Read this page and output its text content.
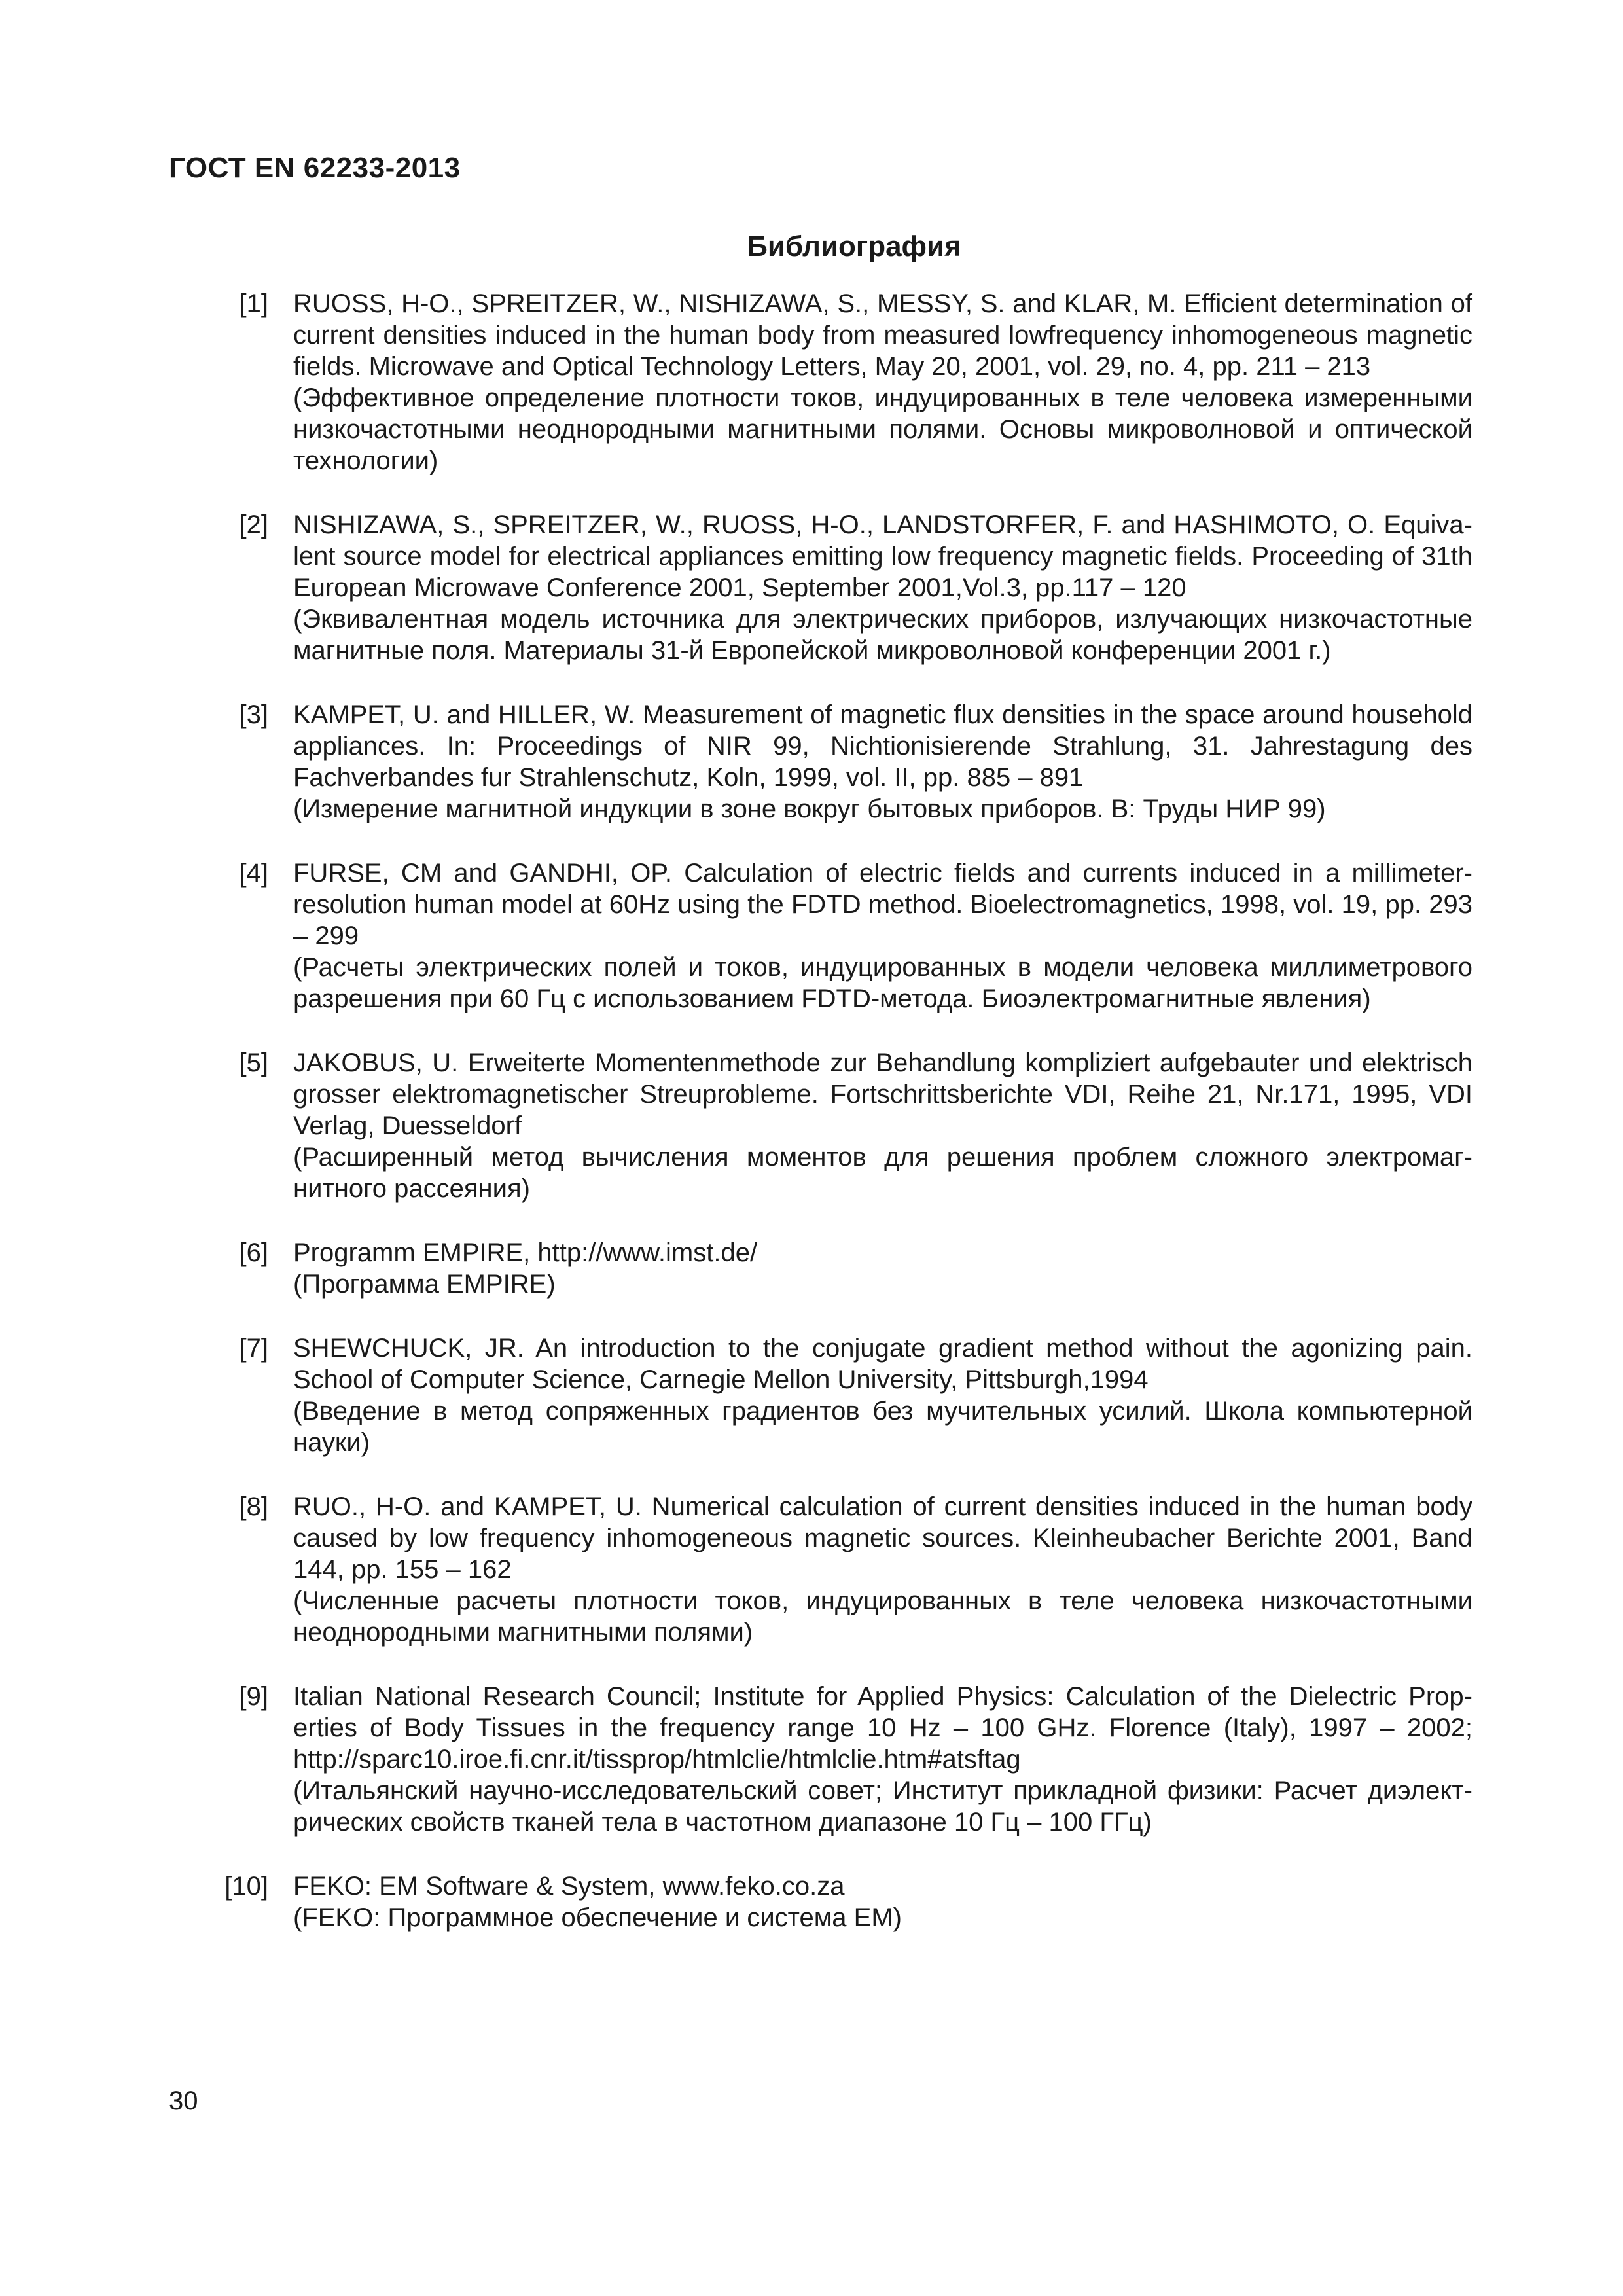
ГОСТ EN 62233-2013
Библиография
[1] RUOSS, H-O., SPREITZER, W., NISHIZAWA, S., MESSY, S. and KLAR, M. Efficient determination of current densities induced in the human body from measured lowfrequency inhomogeneous magnetic fields. Microwave and Optical Technology Letters, May 20, 2001, vol. 29, no. 4, pp. 211 – 213
(Эффективное определение плотности токов, индуцированных в теле человека измеренными низкочастотными неоднородными магнитными полями. Основы микроволновой и оптической технологии)
[2] NISHIZAWA, S., SPREITZER, W., RUOSS, H-O., LANDSTORFER, F. and HASHIMOTO, O. Equivalent source model for electrical appliances emitting low frequency magnetic fields. Proceeding of 31th European Microwave Conference 2001, September 2001,Vol.3, pp.117 – 120
(Эквивалентная модель источника для электрических приборов, излучающих низкочастотные магнитные поля. Материалы 31-й Европейской микроволновой конференции 2001 г.)
[3] KAMPET, U. and HILLER, W. Measurement of magnetic flux densities in the space around household appliances. In: Proceedings of NIR 99, Nichtionisierende Strahlung, 31. Jahrestagung des Fachverbandes fur Strahlenschutz, Koln, 1999, vol. II, pp. 885 – 891
(Измерение магнитной индукции в зоне вокруг бытовых приборов. В: Труды НИР 99)
[4] FURSE, CM and GANDHI, OP. Calculation of electric fields and currents induced in a millimeter-resolution human model at 60Hz using the FDTD method. Bioelectromagnetics, 1998, vol. 19, pp. 293 – 299
(Расчеты электрических полей и токов, индуцированных в модели человека миллиметрового разрешения при 60 Гц с использованием FDTD-метода. Биоэлектромагнитные явления)
[5] JAKOBUS, U. Erweiterte Momentenmethode zur Behandlung kompliziert aufgebauter und elektrisch grosser elektromagnetischer Streuprobleme. Fortschrittsberichte VDI, Reihe 21, Nr.171, 1995, VDI Verlag, Duesseldorf
(Расширенный метод вычисления моментов для решения проблем сложного электромагнитного рассеяния)
[6] Programm EMPIRE, http://www.imst.de/
(Программа EMPIRE)
[7] SHEWCHUCK, JR. An introduction to the conjugate gradient method without the agonizing pain. School of Computer Science, Carnegie Mellon University, Pittsburgh,1994
(Введение в метод сопряженных градиентов без мучительных усилий. Школа компьютерной науки)
[8] RUO., H-O. and KAMPET, U. Numerical calculation of current densities induced in the human body caused by low frequency inhomogeneous magnetic sources. Kleinheubacher Berichte 2001, Band 144, pp. 155 – 162
(Численные расчеты плотности токов, индуцированных в теле человека низкочастотными неоднородными магнитными полями)
[9] Italian National Research Council; Institute for Applied Physics: Calculation of the Dielectric Properties of Body Tissues in the frequency range 10 Hz – 100 GHz. Florence (Italy), 1997 – 2002; http://sparc10.iroe.fi.cnr.it/tissprop/htmlclie/htmlclie.htm#atsftag
(Итальянский научно-исследовательский совет; Институт прикладной физики: Расчет диэлектрических свойств тканей тела в частотном диапазоне 10 Гц – 100 ГГц)
[10] FEKO: EM Software & System, www.feko.co.za
(FEKO: Программное обеспечение и система EM)
30
